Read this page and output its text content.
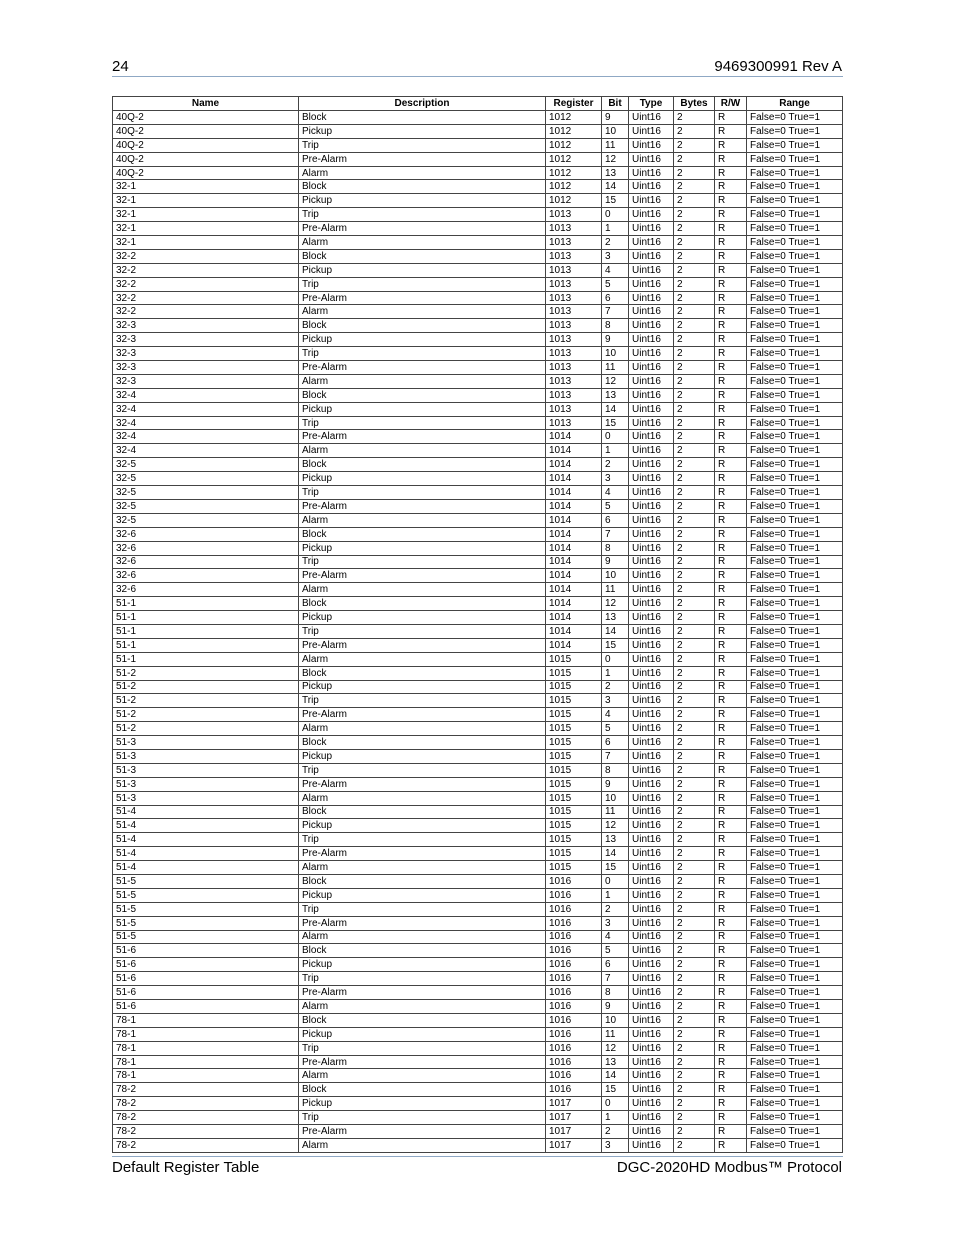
24	9469300991 Rev A
Name	Description	Register	Bit	Type	Bytes	R/W	Range
40Q-2	Block	1012	9	Uint16	2	R	False=0 True=1
40Q-2	Pickup	1012	10	Uint16	2	R	False=0 True=1
40Q-2	Trip	1012	11	Uint16	2	R	False=0 True=1
40Q-2	Pre-Alarm	1012	12	Uint16	2	R	False=0 True=1
40Q-2	Alarm	1012	13	Uint16	2	R	False=0 True=1
32-1	Block	1012	14	Uint16	2	R	False=0 True=1
32-1	Pickup	1012	15	Uint16	2	R	False=0 True=1
32-1	Trip	1013	0	Uint16	2	R	False=0 True=1
32-1	Pre-Alarm	1013	1	Uint16	2	R	False=0 True=1
32-1	Alarm	1013	2	Uint16	2	R	False=0 True=1
32-2	Block	1013	3	Uint16	2	R	False=0 True=1
32-2	Pickup	1013	4	Uint16	2	R	False=0 True=1
32-2	Trip	1013	5	Uint16	2	R	False=0 True=1
32-2	Pre-Alarm	1013	6	Uint16	2	R	False=0 True=1
32-2	Alarm	1013	7	Uint16	2	R	False=0 True=1
32-3	Block	1013	8	Uint16	2	R	False=0 True=1
32-3	Pickup	1013	9	Uint16	2	R	False=0 True=1
32-3	Trip	1013	10	Uint16	2	R	False=0 True=1
32-3	Pre-Alarm	1013	11	Uint16	2	R	False=0 True=1
32-3	Alarm	1013	12	Uint16	2	R	False=0 True=1
32-4	Block	1013	13	Uint16	2	R	False=0 True=1
32-4	Pickup	1013	14	Uint16	2	R	False=0 True=1
32-4	Trip	1013	15	Uint16	2	R	False=0 True=1
32-4	Pre-Alarm	1014	0	Uint16	2	R	False=0 True=1
32-4	Alarm	1014	1	Uint16	2	R	False=0 True=1
32-5	Block	1014	2	Uint16	2	R	False=0 True=1
32-5	Pickup	1014	3	Uint16	2	R	False=0 True=1
32-5	Trip	1014	4	Uint16	2	R	False=0 True=1
32-5	Pre-Alarm	1014	5	Uint16	2	R	False=0 True=1
32-5	Alarm	1014	6	Uint16	2	R	False=0 True=1
32-6	Block	1014	7	Uint16	2	R	False=0 True=1
32-6	Pickup	1014	8	Uint16	2	R	False=0 True=1
32-6	Trip	1014	9	Uint16	2	R	False=0 True=1
32-6	Pre-Alarm	1014	10	Uint16	2	R	False=0 True=1
32-6	Alarm	1014	11	Uint16	2	R	False=0 True=1
51-1	Block	1014	12	Uint16	2	R	False=0 True=1
51-1	Pickup	1014	13	Uint16	2	R	False=0 True=1
51-1	Trip	1014	14	Uint16	2	R	False=0 True=1
51-1	Pre-Alarm	1014	15	Uint16	2	R	False=0 True=1
51-1	Alarm	1015	0	Uint16	2	R	False=0 True=1
51-2	Block	1015	1	Uint16	2	R	False=0 True=1
51-2	Pickup	1015	2	Uint16	2	R	False=0 True=1
51-2	Trip	1015	3	Uint16	2	R	False=0 True=1
51-2	Pre-Alarm	1015	4	Uint16	2	R	False=0 True=1
51-2	Alarm	1015	5	Uint16	2	R	False=0 True=1
51-3	Block	1015	6	Uint16	2	R	False=0 True=1
51-3	Pickup	1015	7	Uint16	2	R	False=0 True=1
51-3	Trip	1015	8	Uint16	2	R	False=0 True=1
51-3	Pre-Alarm	1015	9	Uint16	2	R	False=0 True=1
51-3	Alarm	1015	10	Uint16	2	R	False=0 True=1
51-4	Block	1015	11	Uint16	2	R	False=0 True=1
51-4	Pickup	1015	12	Uint16	2	R	False=0 True=1
51-4	Trip	1015	13	Uint16	2	R	False=0 True=1
51-4	Pre-Alarm	1015	14	Uint16	2	R	False=0 True=1
51-4	Alarm	1015	15	Uint16	2	R	False=0 True=1
51-5	Block	1016	0	Uint16	2	R	False=0 True=1
51-5	Pickup	1016	1	Uint16	2	R	False=0 True=1
51-5	Trip	1016	2	Uint16	2	R	False=0 True=1
51-5	Pre-Alarm	1016	3	Uint16	2	R	False=0 True=1
51-5	Alarm	1016	4	Uint16	2	R	False=0 True=1
51-6	Block	1016	5	Uint16	2	R	False=0 True=1
51-6	Pickup	1016	6	Uint16	2	R	False=0 True=1
51-6	Trip	1016	7	Uint16	2	R	False=0 True=1
51-6	Pre-Alarm	1016	8	Uint16	2	R	False=0 True=1
51-6	Alarm	1016	9	Uint16	2	R	False=0 True=1
78-1	Block	1016	10	Uint16	2	R	False=0 True=1
78-1	Pickup	1016	11	Uint16	2	R	False=0 True=1
78-1	Trip	1016	12	Uint16	2	R	False=0 True=1
78-1	Pre-Alarm	1016	13	Uint16	2	R	False=0 True=1
78-1	Alarm	1016	14	Uint16	2	R	False=0 True=1
78-2	Block	1016	15	Uint16	2	R	False=0 True=1
78-2	Pickup	1017	0	Uint16	2	R	False=0 True=1
78-2	Trip	1017	1	Uint16	2	R	False=0 True=1
78-2	Pre-Alarm	1017	2	Uint16	2	R	False=0 True=1
78-2	Alarm	1017	3	Uint16	2	R	False=0 True=1
Default Register Table	DGC-2020HD Modbus™ Protocol
